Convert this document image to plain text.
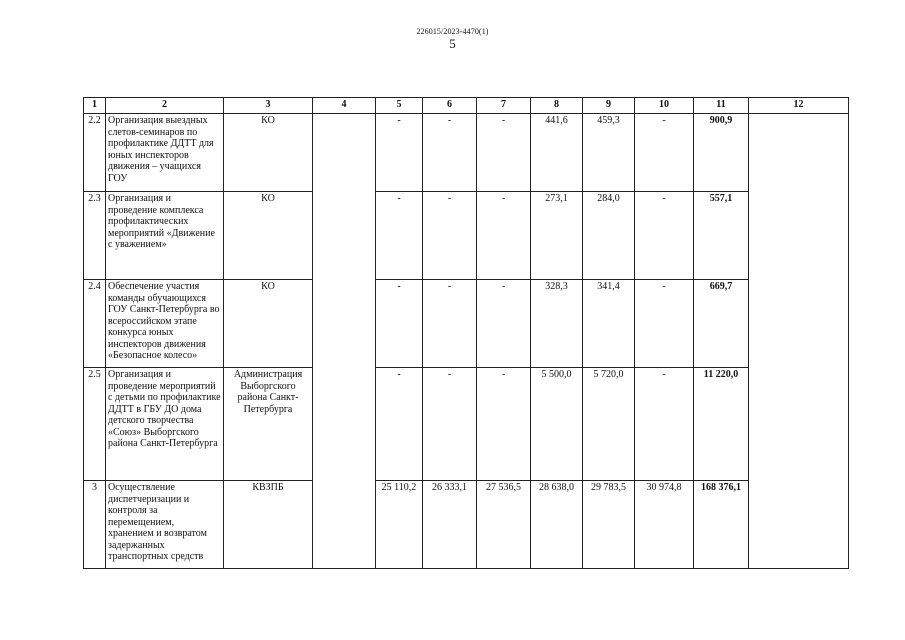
226015/2023-4470(1)
5
1	2	3	4	5	6	7	8	9	10	11	12
2.2	Организация выездных слетов-семинаров по профилактике ДДТТ для юных инспекторов движения – учащихся ГОУ	КО		-	-	-	441,6	459,3	-	900,9	
2.3	Организация и проведение комплекса профилактических мероприятий «Движение с уважением»	КО		-	-	-	273,1	284,0	-	557,1	
2.4	Обеспечение участия команды обучающихся ГОУ Санкт-Петербурга во всероссийском этапе конкурса юных инспекторов движения «Безопасное колесо»	КО		-	-	-	328,3	341,4	-	669,7	
2.5	Организация и проведение мероприятий с детьми по профилактике ДДТТ в ГБУ ДО дома детского творчества «Союз» Выборгского района Санкт-Петербурга	Администрация Выборгского района Санкт-Петербурга		-	-	-	5 500,0	5 720,0	-	11 220,0	
3	Осуществление диспетчеризации и контроля за перемещением, хранением и возвратом задержанных транспортных средств	КВЗПБ		25 110,2	26 333,1	27 536,5	28 638,0	29 783,5	30 974,8	168 376,1	
